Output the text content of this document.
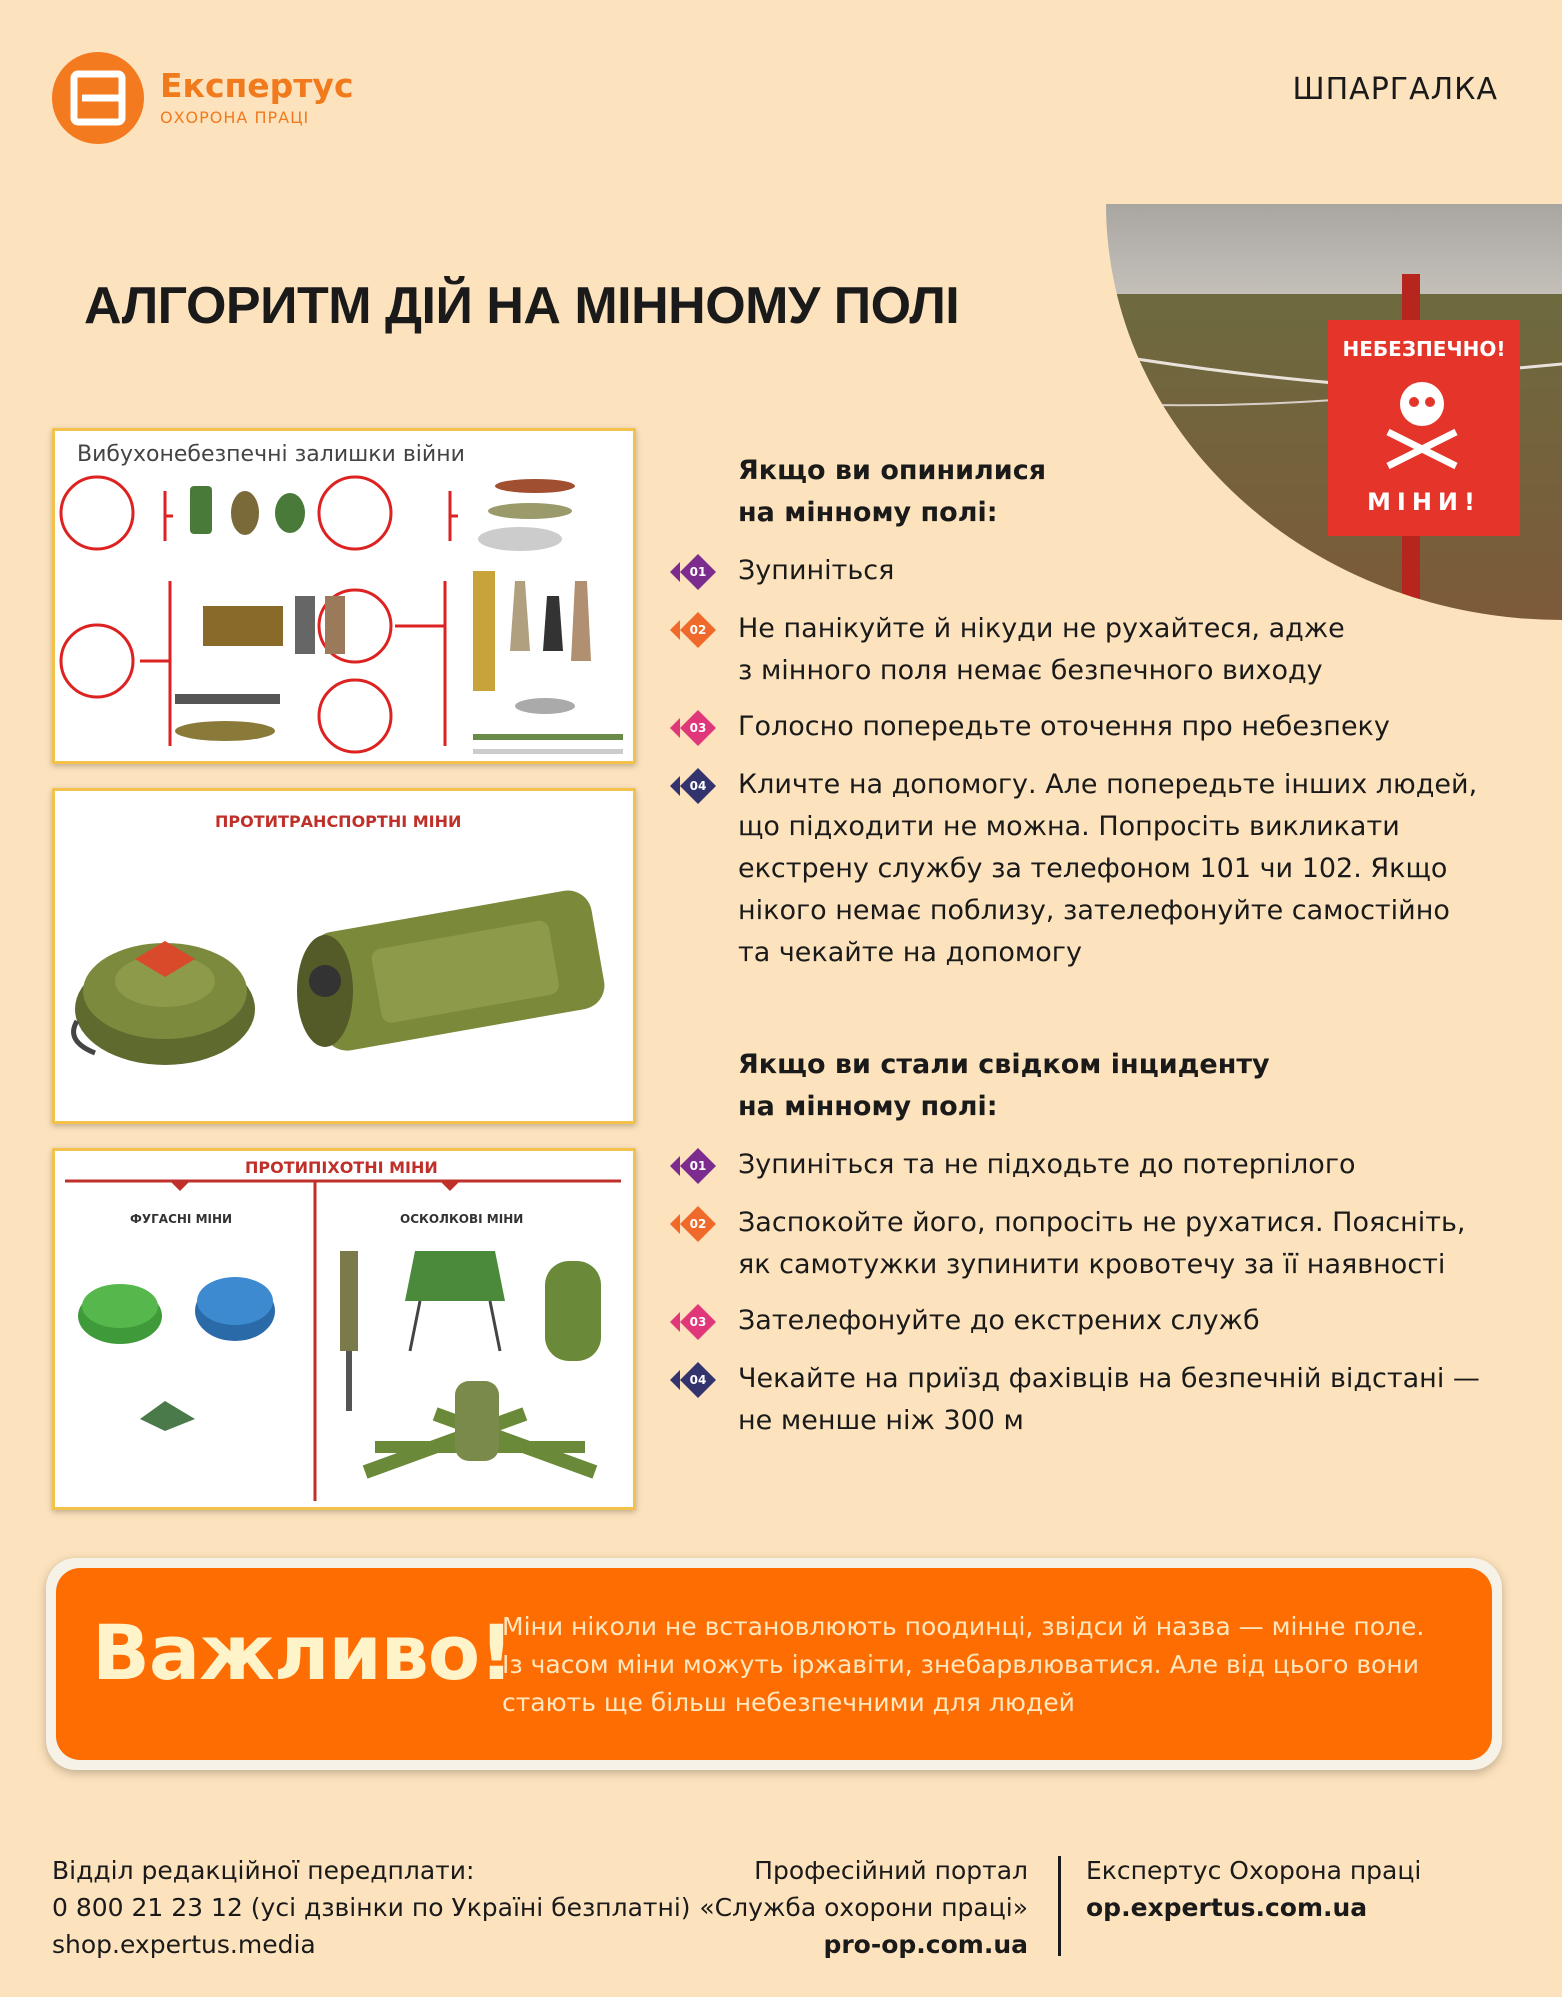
Експертус
ОХОРОНА ПРАЦІ
ШПАРГАЛКА
НЕБЕЗПЕЧНО!
МІНИ!
АЛГОРИТМ ДІЙ НА МІННОМУ ПОЛІ
Вибухонебезпечні залишки війни
ПРОТИТРАНСПОРТНІ МІНИ
ПРОТИПІХОТНІ МІНИ
ФУГАСНІ МІНИ	ОСКОЛКОВІ МІНИ
Якщо ви опинилися
на мінному полі:
01 Зупиніться
02 Не панікуйте й нікуди не рухайтеся, адже
з мінного поля немає безпечного виходу
03 Голосно попередьте оточення про небезпеку
04 Кличте на допомогу. Але попередьте інших людей,
що підходити не можна. Попросіть викликати
екстрену службу за телефоном 101 чи 102. Якщо
нікого немає поблизу, зателефонуйте самостійно
та чекайте на допомогу
Якщо ви стали свідком інциденту
на мінному полі:
01 Зупиніться та не підходьте до потерпілого
02 Заспокойте його, попросіть не рухатися. Поясніть,
як самотужки зупинити кровотечу за її наявності
03 Зателефонуйте до екстрених служб
04 Чекайте на приїзд фахівців на безпечній відстані —
не менше ніж 300 м
Важливо!
Міни ніколи не встановлюють поодинці, звідси й назва — мінне поле.
Із часом міни можуть іржавіти, знебарвлюватися. Але від цього вони
стають ще більш небезпечними для людей
Відділ редакційної передплати:
0 800 21 23 12 (усі дзвінки по Україні безплатні)
shop.expertus.media
Професійний портал
«Служба охорони праці»
pro-op.com.ua
Експертус Охорона праці
op.expertus.com.ua
